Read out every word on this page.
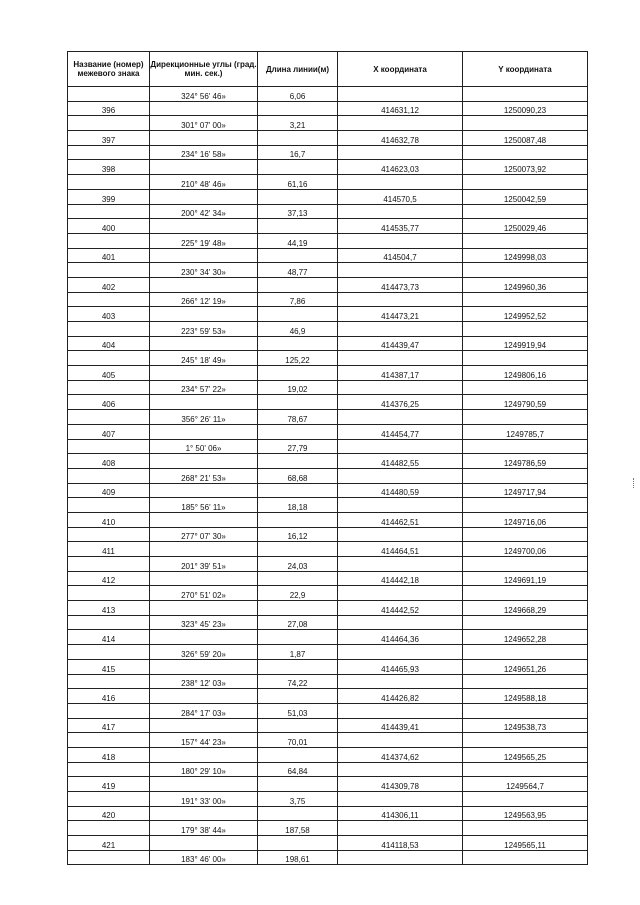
Название (номер) межевого знака	Дирекционные углы (град. мин. сек.)	Длина линии(м)	X координата	Y координата
	324° 56' 46»	6,06		
396			414631,12	1250090,23
	301° 07' 00»	3,21		
397			414632,78	1250087,48
	234° 16' 58»	16,7		
398			414623,03	1250073,92
	210° 48' 46»	61,16		
399			414570,5	1250042,59
	200° 42' 34»	37,13		
400			414535,77	1250029,46
	225° 19' 48»	44,19		
401			414504,7	1249998,03
	230° 34' 30»	48,77		
402			414473,73	1249960,36
	266° 12' 19»	7,86		
403			414473,21	1249952,52
	223° 59' 53»	46,9		
404			414439,47	1249919,94
	245° 18' 49»	125,22		
405			414387,17	1249806,16
	234° 57' 22»	19,02		
406			414376,25	1249790,59
	356° 26' 11»	78,67		
407			414454,77	1249785,7
	1° 50' 06»	27,79		
408			414482,55	1249786,59
	268° 21' 53»	68,68		
409			414480,59	1249717,94
	185° 56' 11»	18,18		
410			414462,51	1249716,06
	277° 07' 30»	16,12		
411			414464,51	1249700,06
	201° 39' 51»	24,03		
412			414442,18	1249691,19
	270° 51' 02»	22,9		
413			414442,52	1249668,29
	323° 45' 23»	27,08		
414			414464,36	1249652,28
	326° 59' 20»	1,87		
415			414465,93	1249651,26
	238° 12' 03»	74,22		
416			414426,82	1249588,18
	284° 17' 03»	51,03		
417			414439,41	1249538,73
	157° 44' 23»	70,01		
418			414374,62	1249565,25
	180° 29' 10»	64,84		
419			414309,78	1249564,7
	191° 33' 00»	3,75		
420			414306,11	1249563,95
	179° 38' 44»	187,58		
421			414118,53	1249565,11
	183° 46' 00»	198,61		
